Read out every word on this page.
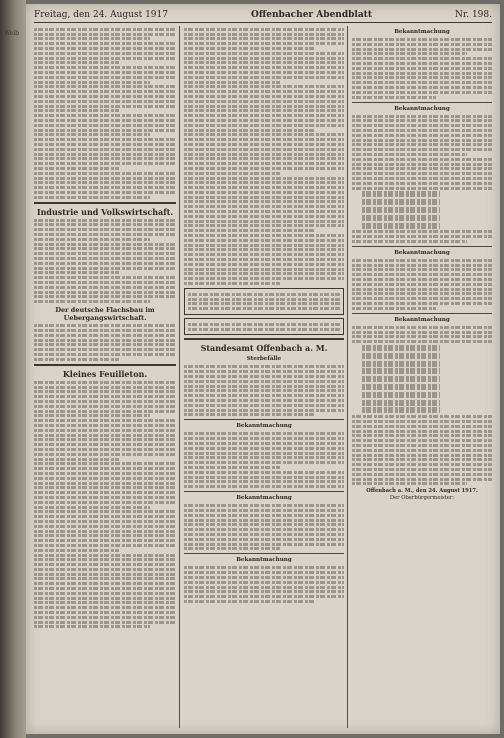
Weib
Freitag, den 24. August 1917	Offenbacher Abendblatt	Nr. 198.
Industrie und Volkswirtschaft.
Der deutsche Flachsbau im Uebergangswirtschaft.
Kleines Feuilleton.
Standesamt Offenbach a. M.
Sterbefälle
Bekanntmachung
Bekanntmachung
Bekanntmachung
Bekanntmachung
Bekanntmachung
Bekanntmachung
Bekanntmachung
Offenbach a. M., den 24. August 1917.
Der Oberbürgermeister:
